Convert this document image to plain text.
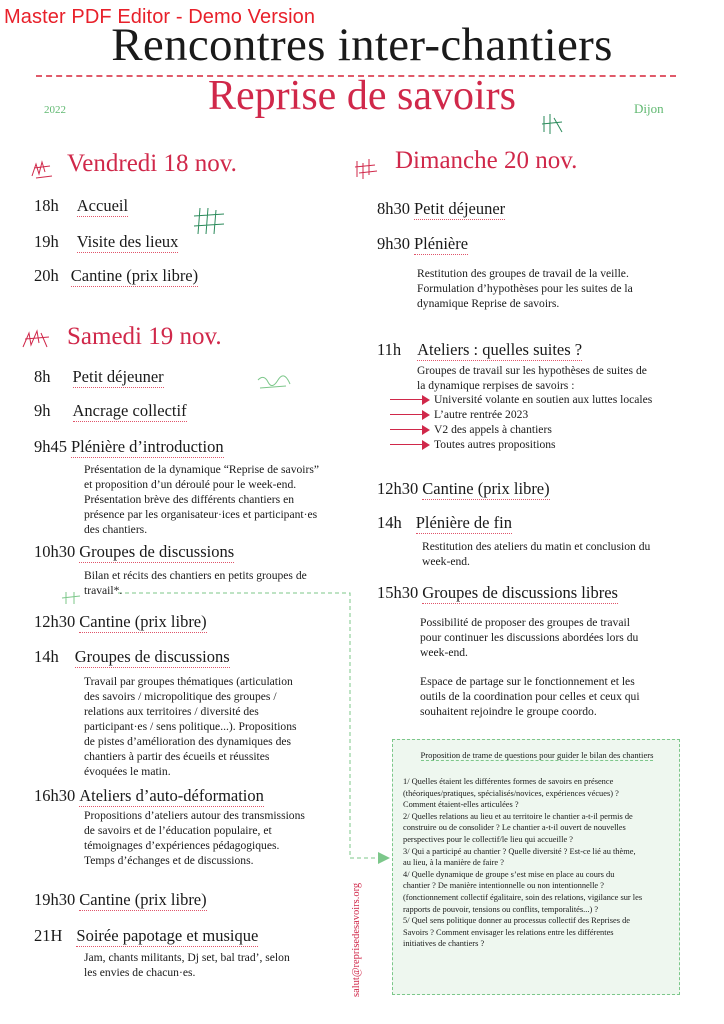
Master PDF Editor - Demo Version
Rencontres inter-chantiers
Reprise de savoirs
2022	Dijon
Vendredi 18 nov.
18h Accueil
19h Visite des lieux
20h Cantine (prix libre)
Samedi 19 nov.
8h Petit déjeuner
9h Ancrage collectif
9h45 Plénière d’introduction
Présentation de la dynamique “Reprise de savoirs”
et proposition d’un déroulé pour le week-end.
Présentation brève des différents chantiers en
présence par les organisateur·ices et participant·es
des chantiers.
10h30 Groupes de discussions
Bilan et récits des chantiers en petits groupes de
travail*.
12h30 Cantine (prix libre)
14h Groupes de discussions
Travail par groupes thématiques (articulation
des savoirs / micropolitique des groupes /
relations aux territoires / diversité des
participant·es / sens politique...). Propositions
de pistes d’amélioration des dynamiques des
chantiers à partir des écueils et réussites
évoquées le matin.
16h30 Ateliers d’auto-déformation
Propositions d’ateliers autour des transmissions
de savoirs et de l’éducation populaire, et
témoignages d’expériences pédagogiques.
Temps d’échanges et de discussions.
19h30 Cantine (prix libre)
21H Soirée papotage et musique
Jam, chants militants, Dj set, bal trad’, selon
les envies de chacun·es.
Dimanche 20 nov.
8h30 Petit déjeuner
9h30 Plénière
Restitution des groupes de travail de la veille.
Formulation d’hypothèses pour les suites de la
dynamique Reprise de savoirs.
11h Ateliers : quelles suites ?
Groupes de travail sur les hypothèses de suites de
la dynamique rerpises de savoirs :
Université volante en soutien aux luttes locales
L’autre rentrée 2023
V2 des appels à chantiers
Toutes autres propositions
12h30 Cantine (prix libre)
14h Plénière de fin
Restitution des ateliers du matin et conclusion du
week-end.
15h30 Groupes de discussions libres
Possibilité de proposer des groupes de travail
pour continuer les discussions abordées lors du
week-end.
Espace de partage sur le fonctionnement et les
outils de la coordination pour celles et ceux qui
souhaitent rejoindre le groupe coordo.
Proposition de trame de questions pour guider le bilan des chantiers

1/ Quelles étaient les différentes formes de savoirs en présence

(théoriques/pratiques, spécialisés/novices, expériences vécues) ?

Comment étaient-elles articulées ?

2/ Quelles relations au lieu et au territoire le chantier a-t-il permis de

construire ou de consolider ? Le chantier a-t-il ouvert de nouvelles

perspectives pour le collectif/le lieu qui accueille ?

3/ Qui a participé au chantier ? Quelle diversité ? Est-ce lié au thème,

au lieu, à la manière de faire ?

4/ Quelle dynamique de groupe s’est mise en place au cours du

chantier ? De manière intentionnelle ou non intentionnelle ?

(fonctionnement collectif égalitaire, soin des relations, vigilance sur les

rapports de pouvoir, tensions ou conflits, temporalités...) ?

5/ Quel sens politique donner au processus collectif des Reprises de

Savoirs ? Comment envisager les relations entre les différentes

initiatives de chantiers ?

salut@reprisedesavoirs.org
